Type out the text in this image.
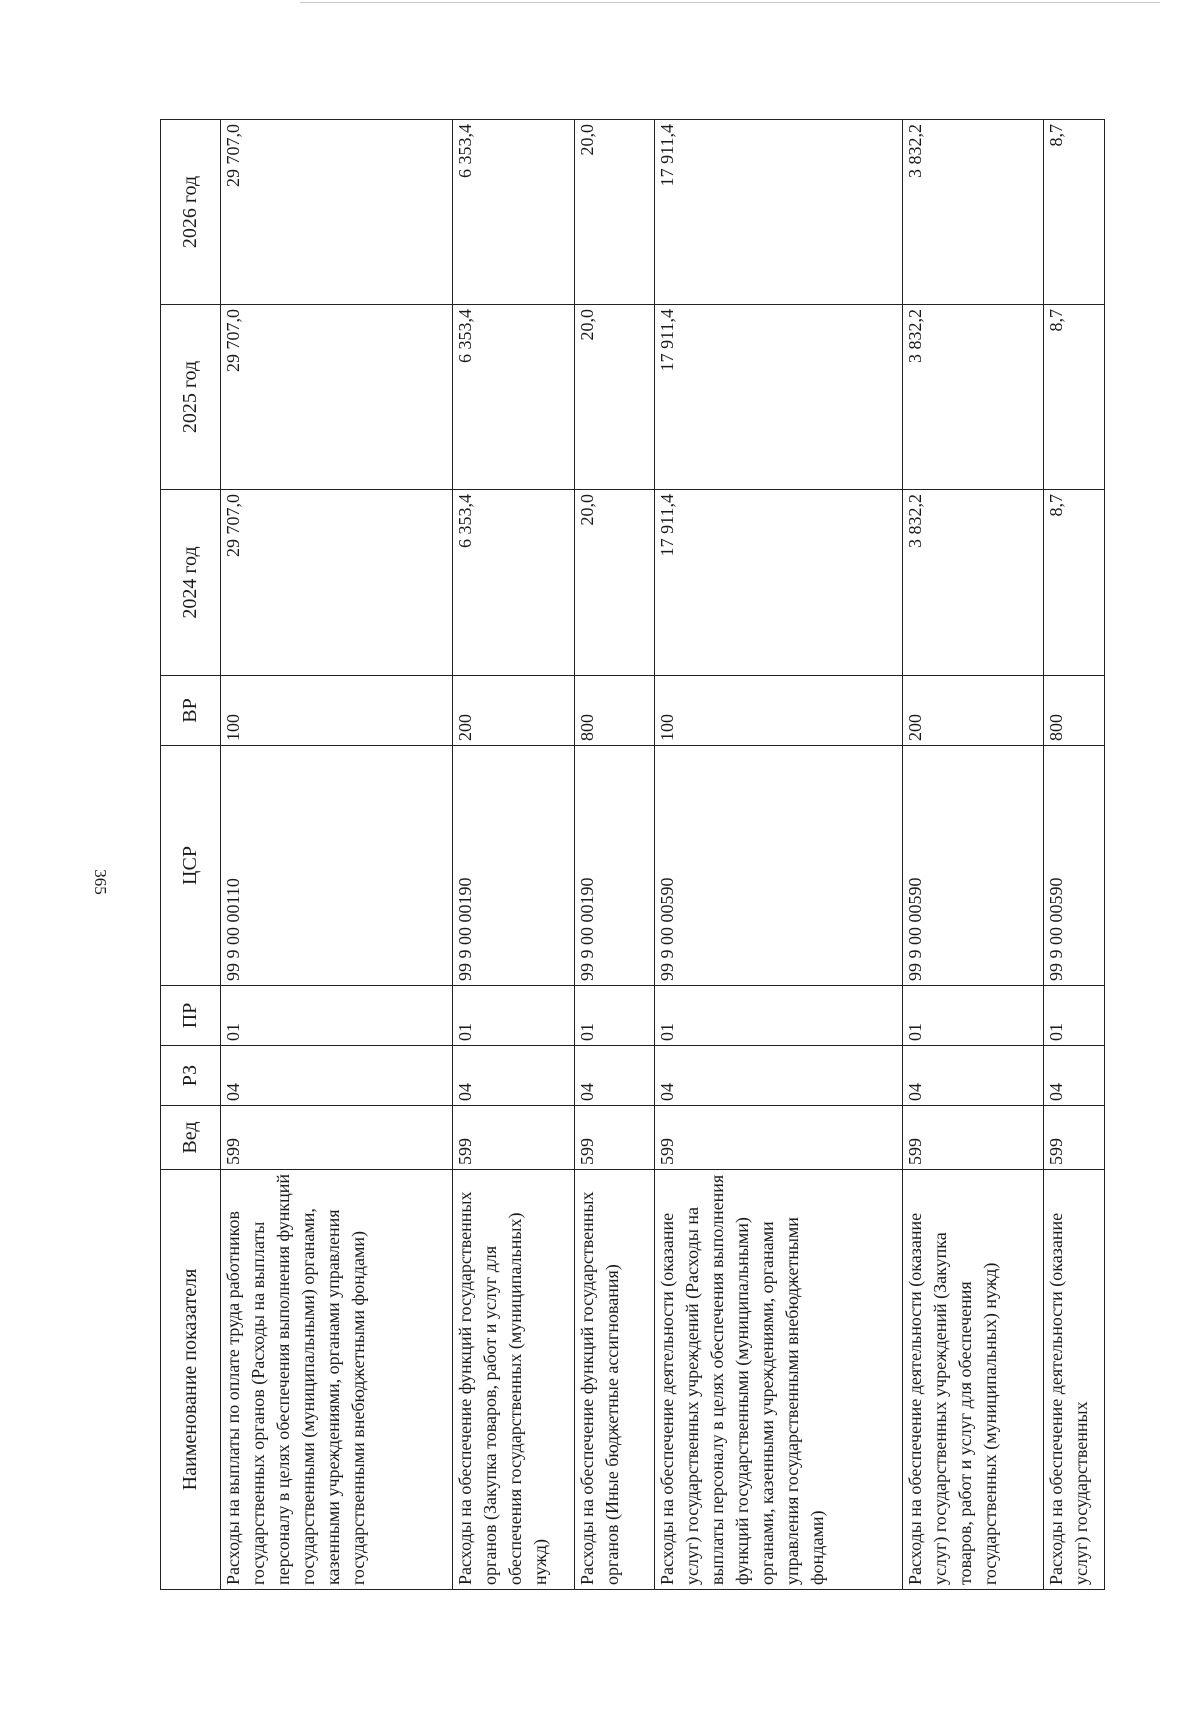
365
Наименование показателя	Вед	РЗ	ПР	ЦСР	ВР	2024 год	2025 год	2026 год
Расходы на выплаты по оплате труда работников государственных органов (Расходы на выплаты персоналу в целях обеспечения выполнения функций государственными (муниципальными) органами, казенными учреждениями, органами управления государственными внебюджетными фондами)	599	04	01	99 9 00 00110	100	29 707,0	29 707,0	29 707,0
Расходы на обеспечение функций государственных органов (Закупка товаров, работ и услуг для обеспечения государственных (муниципальных) нужд)	599	04	01	99 9 00 00190	200	6 353,4	6 353,4	6 353,4
Расходы на обеспечение функций государственных органов (Иные бюджетные ассигнования)	599	04	01	99 9 00 00190	800	20,0	20,0	20,0
Расходы на обеспечение деятельности (оказание услуг) государственных учреждений (Расходы на выплаты персоналу в целях обеспечения выполнения функций государственными (муниципальными) органами, казенными учреждениями, органами управления государственными внебюджетными фондами)	599	04	01	99 9 00 00590	100	17 911,4	17 911,4	17 911,4
Расходы на обеспечение деятельности (оказание услуг) государственных учреждений (Закупка товаров, работ и услуг для обеспечения государственных (муниципальных) нужд)	599	04	01	99 9 00 00590	200	3 832,2	3 832,2	3 832,2
Расходы на обеспечение деятельности (оказание услуг) государственных	599	04	01	99 9 00 00590	800	8,7	8,7	8,7
